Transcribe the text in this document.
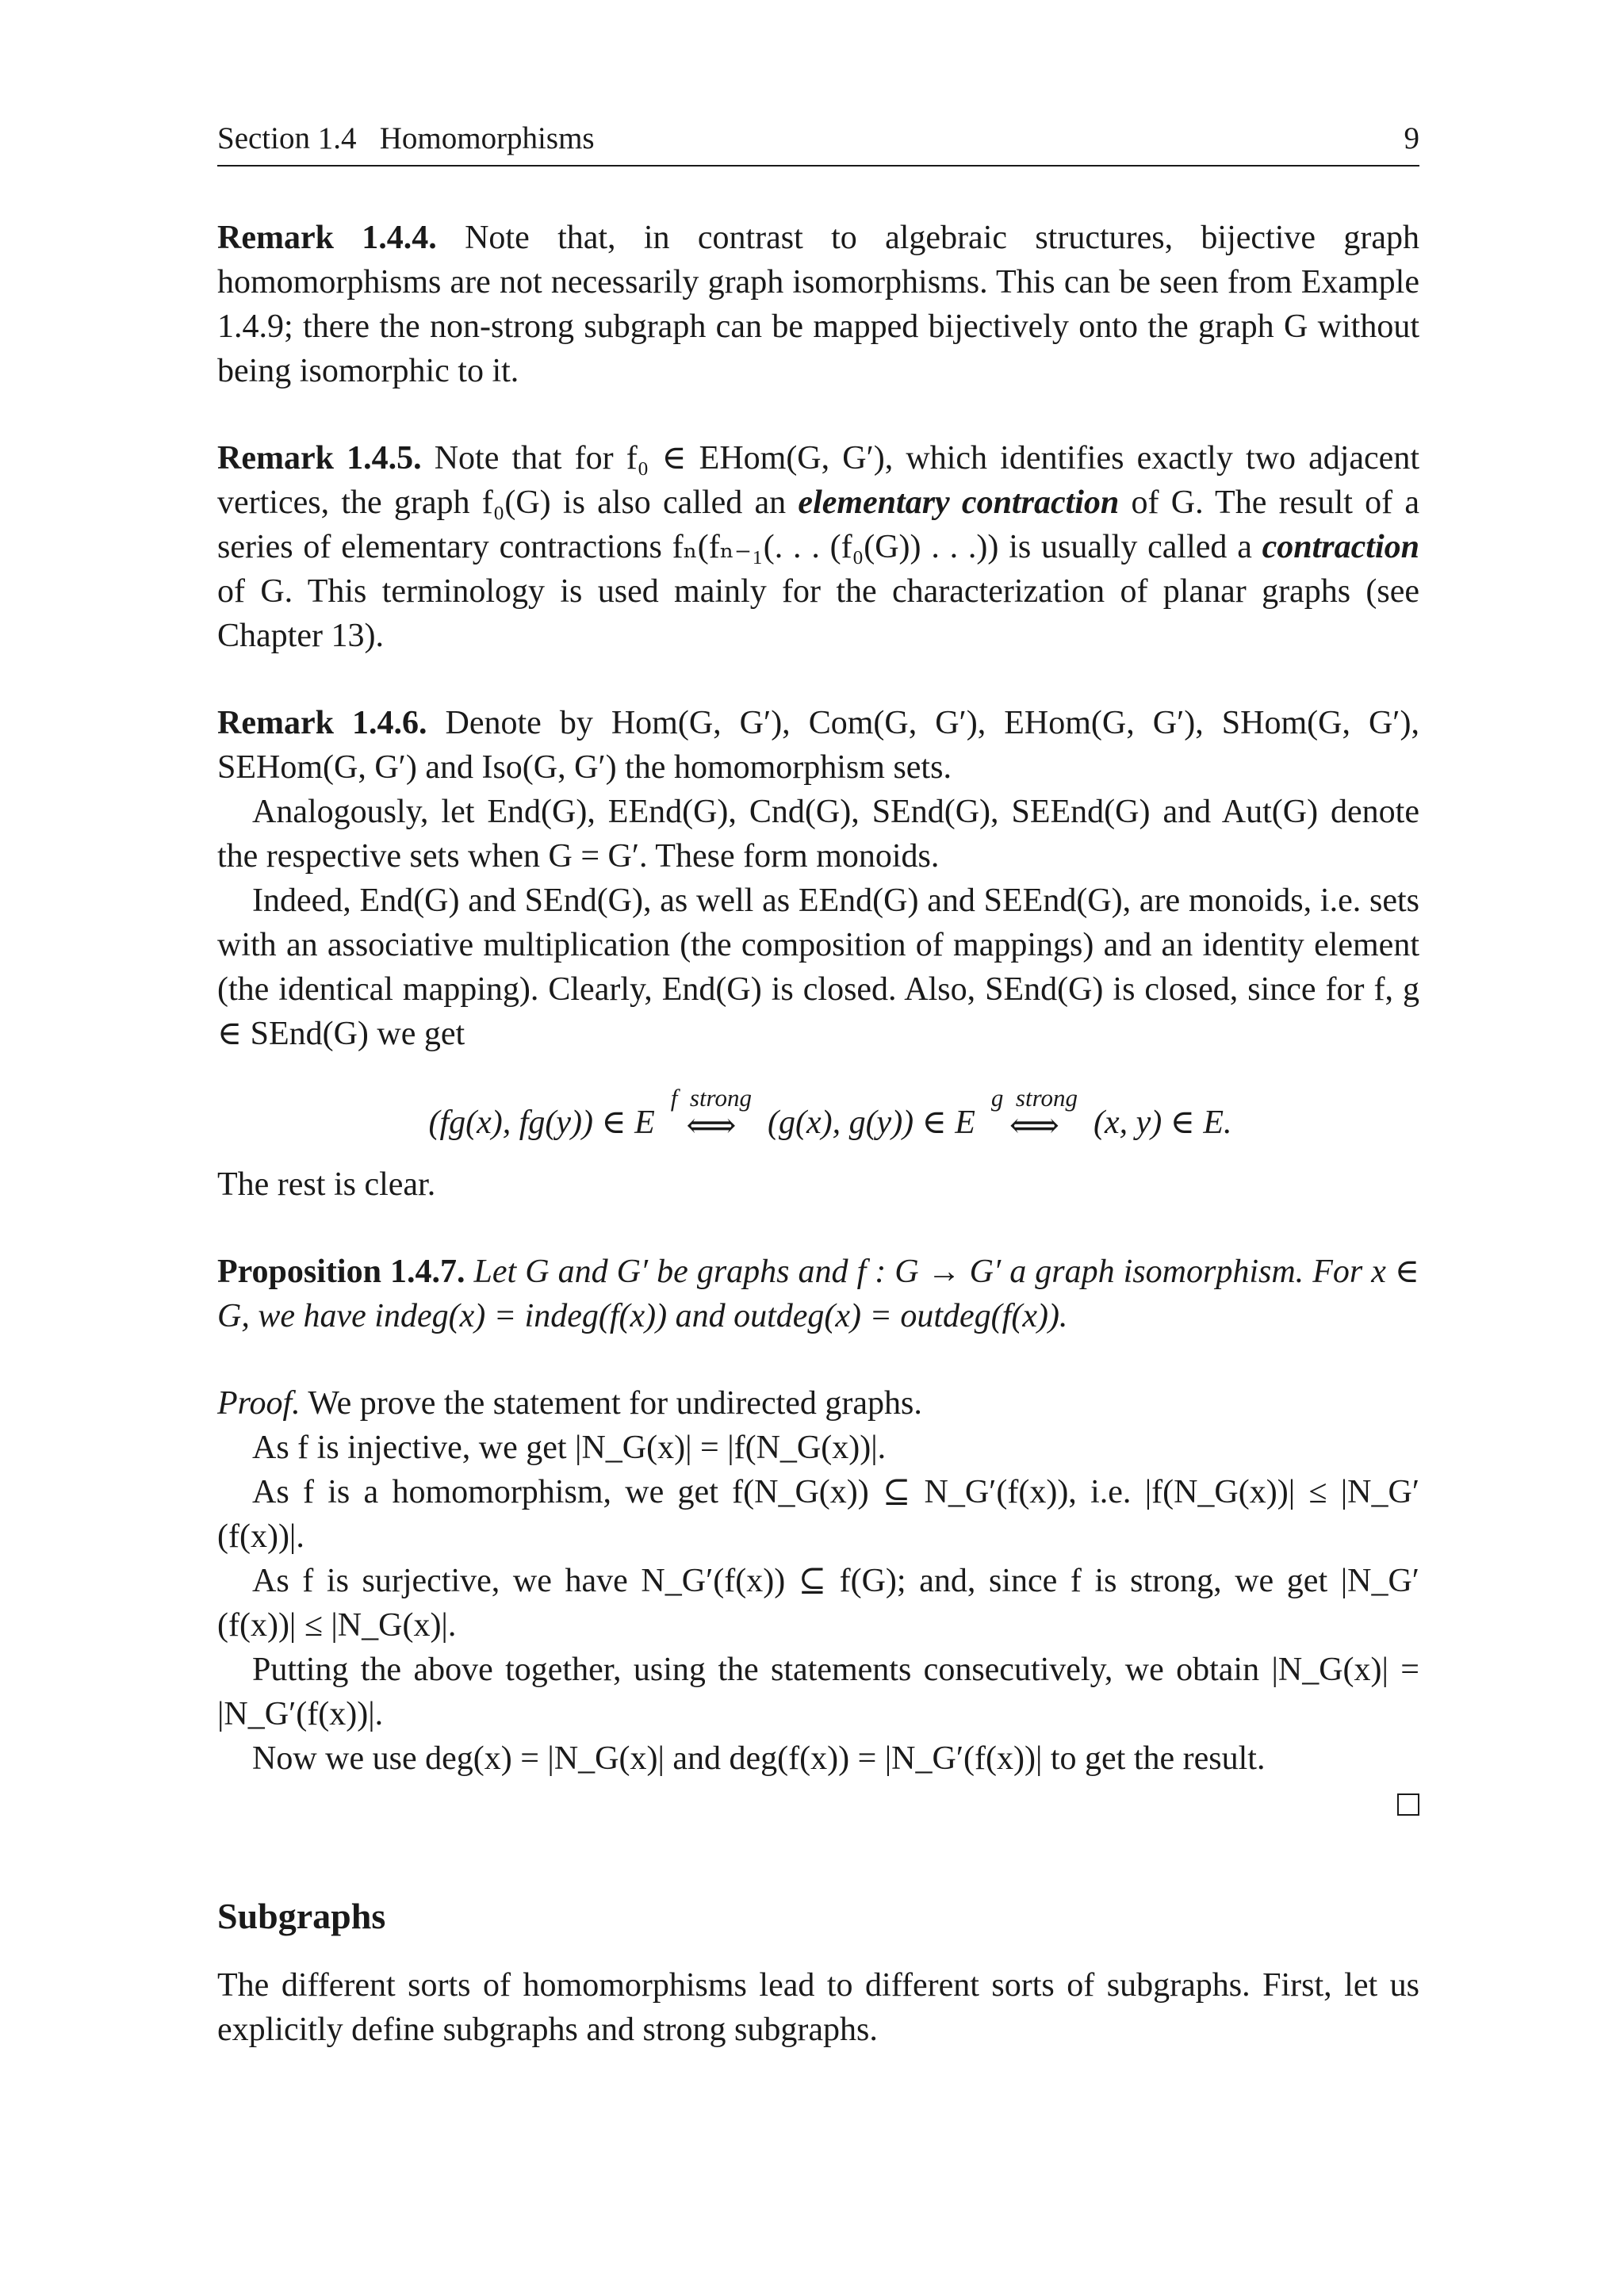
Section 1.4   Homomorphisms	9

Remark 1.4.4. Note that, in contrast to algebraic structures, bijective graph homomorphisms are not necessarily graph isomorphisms. This can be seen from Example 1.4.9; there the non-strong subgraph can be mapped bijectively onto the graph G without being isomorphic to it.

Remark 1.4.5. Note that for f₀ ∈ EHom(G, G′), which identifies exactly two adjacent vertices, the graph f₀(G) is also called an elementary contraction of G. The result of a series of elementary contractions fₙ(fₙ₋₁(. . . (f₀(G)) . . .)) is usually called a contraction of G. This terminology is used mainly for the characterization of planar graphs (see Chapter 13).

Remark 1.4.6. Denote by Hom(G, G′), Com(G, G′), EHom(G, G′), SHom(G, G′), SEHom(G, G′) and Iso(G, G′) the homomorphism sets.

Analogously, let End(G), EEnd(G), Cnd(G), SEnd(G), SEEnd(G) and Aut(G) denote the respective sets when G = G′. These form monoids.

Indeed, End(G) and SEnd(G), as well as EEnd(G) and SEEnd(G), are monoids, i.e. sets with an associative multiplication (the composition of mappings) and an identity element (the identical mapping). Clearly, End(G) is closed. Also, SEnd(G) is closed, since for f, g ∈ SEnd(G) we get

(fg(x), fg(y)) ∈ E
f  strong
⟺ (g(x), g(y)) ∈ E
g  strong
⟺ (x, y) ∈ E.

The rest is clear.

Proposition 1.4.7. Let G and G′ be graphs and f : G → G′ a graph isomorphism. For x ∈ G, we have indeg(x) = indeg(f(x)) and outdeg(x) = outdeg(f(x)).

Proof. We prove the statement for undirected graphs.

As f is injective, we get |N_G(x)| = |f(N_G(x))|.

As f is a homomorphism, we get f(N_G(x)) ⊆ N_G′(f(x)), i.e. |f(N_G(x))| ≤ |N_G′(f(x))|.

As f is surjective, we have N_G′(f(x)) ⊆ f(G); and, since f is strong, we get |N_G′(f(x))| ≤ |N_G(x)|.

Putting the above together, using the statements consecutively, we obtain |N_G(x)| = |N_G′(f(x))|.

Now we use deg(x) = |N_G(x)| and deg(f(x)) = |N_G′(f(x))| to get the result.

Subgraphs

The different sorts of homomorphisms lead to different sorts of subgraphs. First, let us explicitly define subgraphs and strong subgraphs.
